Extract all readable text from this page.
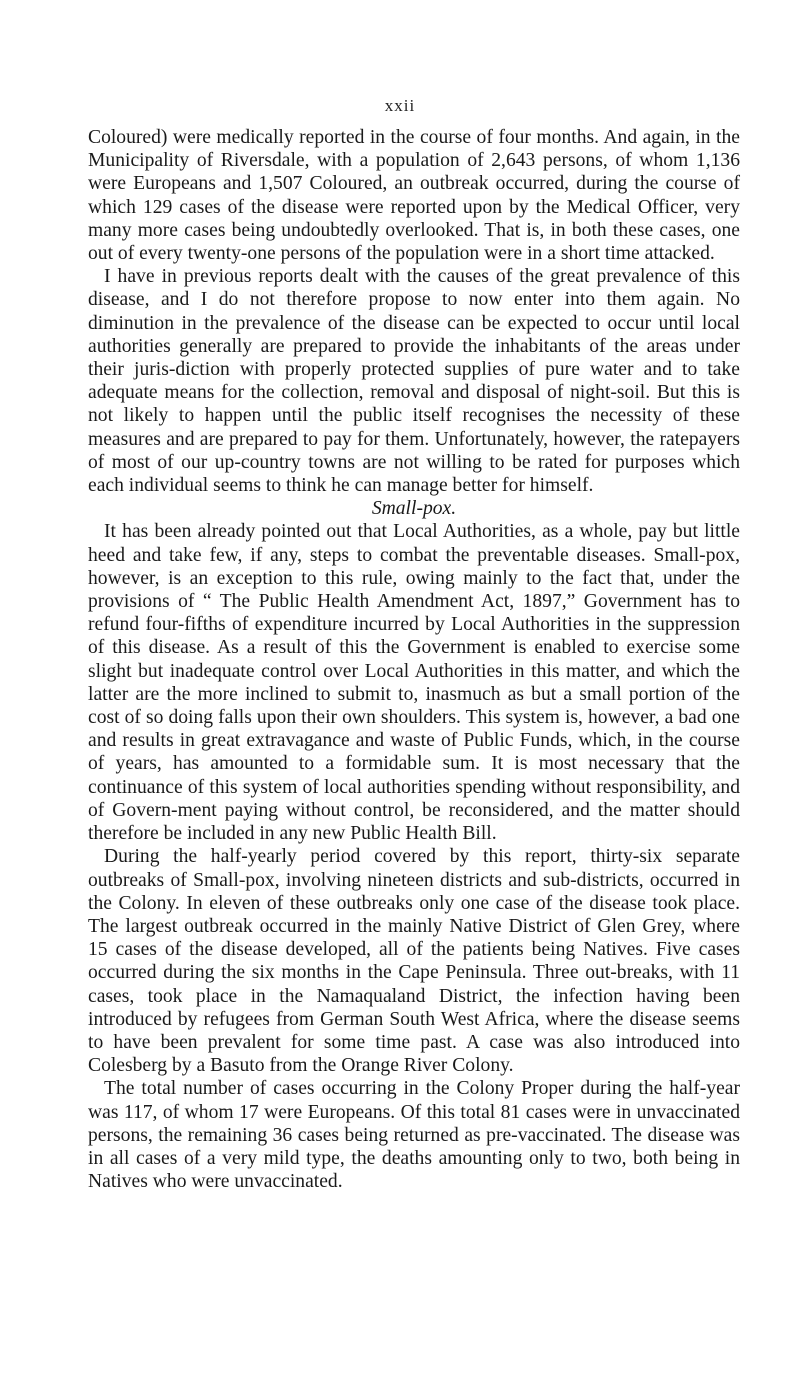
xxii

Coloured) were medically reported in the course of four months. And again, in the Municipality of Riversdale, with a population of 2,643 persons, of whom 1,136 were Europeans and 1,507 Coloured, an outbreak occurred, during the course of which 129 cases of the disease were reported upon by the Medical Officer, very many more cases being undoubtedly overlooked. That is, in both these cases, one out of every twenty-one persons of the population were in a short time attacked.

I have in previous reports dealt with the causes of the great prevalence of this disease, and I do not therefore propose to now enter into them again. No diminution in the prevalence of the disease can be expected to occur until local authorities generally are prepared to provide the inhabitants of the areas under their juris-diction with properly protected supplies of pure water and to take adequate means for the collection, removal and disposal of night-soil. But this is not likely to happen until the public itself recognises the necessity of these measures and are prepared to pay for them. Unfortunately, however, the ratepayers of most of our up-country towns are not willing to be rated for purposes which each individual seems to think he can manage better for himself.

Small-pox.

It has been already pointed out that Local Authorities, as a whole, pay but little heed and take few, if any, steps to combat the preventable diseases. Small-pox, however, is an exception to this rule, owing mainly to the fact that, under the provisions of “ The Public Health Amendment Act, 1897,” Government has to refund four-fifths of expenditure incurred by Local Authorities in the suppression of this disease. As a result of this the Government is enabled to exercise some slight but inadequate control over Local Authorities in this matter, and which the latter are the more inclined to submit to, inasmuch as but a small portion of the cost of so doing falls upon their own shoulders. This system is, however, a bad one and results in great extravagance and waste of Public Funds, which, in the course of years, has amounted to a formidable sum. It is most necessary that the continuance of this system of local authorities spending without responsibility, and of Govern-ment paying without control, be reconsidered, and the matter should therefore be included in any new Public Health Bill.

During the half-yearly period covered by this report, thirty-six separate outbreaks of Small-pox, involving nineteen districts and sub-districts, occurred in the Colony. In eleven of these outbreaks only one case of the disease took place. The largest outbreak occurred in the mainly Native District of Glen Grey, where 15 cases of the disease developed, all of the patients being Natives. Five cases occurred during the six months in the Cape Peninsula. Three out-breaks, with 11 cases, took place in the Namaqualand District, the infection having been introduced by refugees from German South West Africa, where the disease seems to have been prevalent for some time past. A case was also introduced into Colesberg by a Basuto from the Orange River Colony.

The total number of cases occurring in the Colony Proper during the half-year was 117, of whom 17 were Europeans. Of this total 81 cases were in unvaccinated persons, the remaining 36 cases being returned as pre-vaccinated. The disease was in all cases of a very mild type, the deaths amounting only to two, both being in Natives who were unvaccinated.
